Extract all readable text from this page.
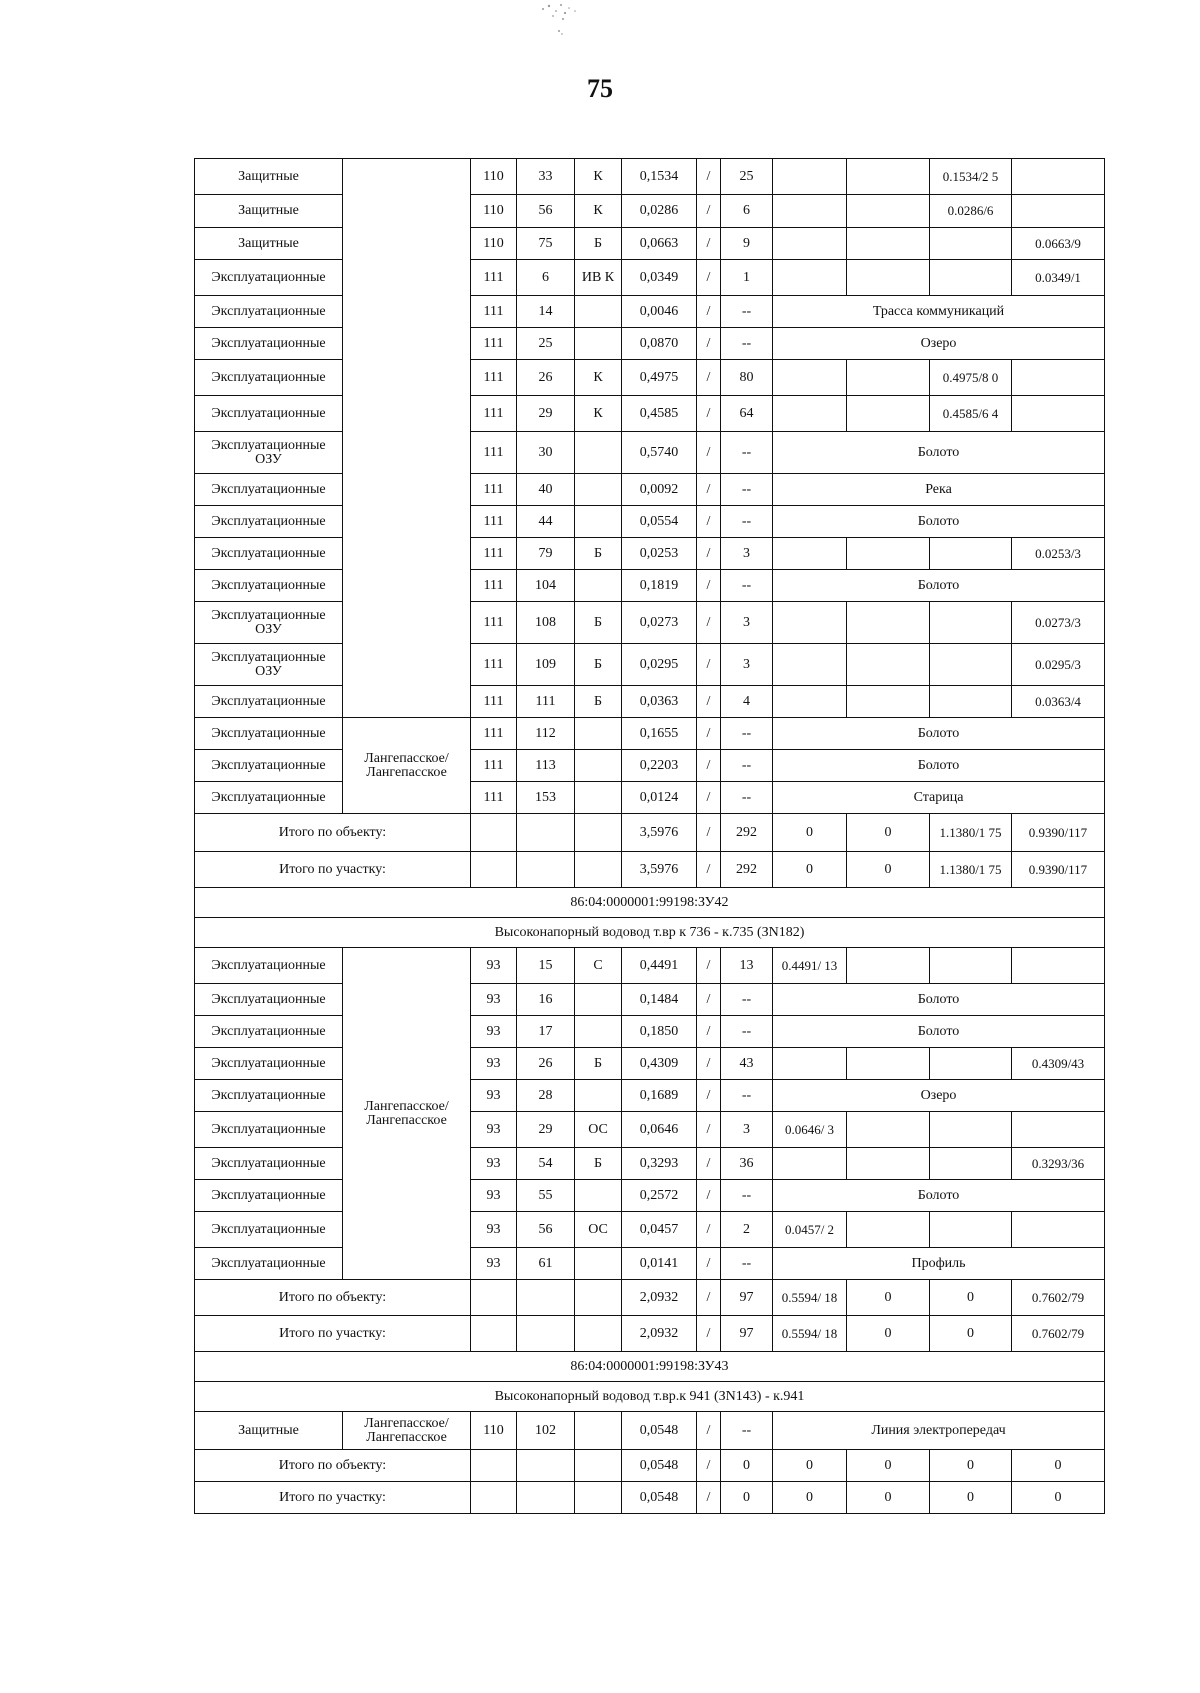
75
Защитные		110	33	К	0,1534	/	25			0.1534/2 5	
Защитные		110	56	К	0,0286	/	6			0.0286/6	
Защитные		110	75	Б	0,0663	/	9				0.0663/9
Эксплуатационные		111	6	ИВ К	0,0349	/	1				0.0349/1
Эксплуатационные		111	14		0,0046	/	--	Трасса коммуникаций			
Эксплуатационные		111	25		0,0870	/	--	Озеро			
Эксплуатационные		111	26	К	0,4975	/	80			0.4975/8 0	
Эксплуатационные		111	29	К	0,4585	/	64			0.4585/6 4	
Эксплуатационные ОЗУ		111	30		0,5740	/	--	Болото			
Эксплуатационные		111	40		0,0092	/	--	Река			
Эксплуатационные		111	44		0,0554	/	--	Болото			
Эксплуатационные		111	79	Б	0,0253	/	3				0.0253/3
Эксплуатационные		111	104		0,1819	/	--	Болото			
Эксплуатационные ОЗУ		111	108	Б	0,0273	/	3				0.0273/3
Эксплуатационные ОЗУ		111	109	Б	0,0295	/	3				0.0295/3
Эксплуатационные		111	111	Б	0,0363	/	4				0.0363/4
Эксплуатационные	Лангепасское/ Лангепасское	111	112		0,1655	/	--	Болото			
Эксплуатационные		111	113		0,2203	/	--	Болото			
Эксплуатационные		111	153		0,0124	/	--	Старица			
Итого по объекту:					3,5976	/	292	0	0	1.1380/1 75	0.9390/117
Итого по участку:					3,5976	/	292	0	0	1.1380/1 75	0.9390/117
86:04:0000001:99198:ЗУ42											
Высоконапорный водовод т.вр к 736 - к.735 (ЗN182)											
Эксплуатационные	Лангепасское/ Лангепасское	93	15	С	0,4491	/	13	0.4491/ 13			
Эксплуатационные		93	16		0,1484	/	--	Болото			
Эксплуатационные		93	17		0,1850	/	--	Болото			
Эксплуатационные		93	26	Б	0,4309	/	43				0.4309/43
Эксплуатационные		93	28		0,1689	/	--	Озеро			
Эксплуатационные		93	29	ОС	0,0646	/	3	0.0646/ 3			
Эксплуатационные		93	54	Б	0,3293	/	36				0.3293/36
Эксплуатационные		93	55		0,2572	/	--	Болото			
Эксплуатационные		93	56	ОС	0,0457	/	2	0.0457/ 2			
Эксплуатационные		93	61		0,0141	/	--	Профиль			
Итого по объекту:					2,0932	/	97	0.5594/ 18	0	0	0.7602/79
Итого по участку:					2,0932	/	97	0.5594/ 18	0	0	0.7602/79
86:04:0000001:99198:ЗУ43											
Высоконапорный водовод т.вр.к 941 (ЗN143) - к.941											
Защитные	Лангепасское/ Лангепасское	110	102		0,0548	/	--	Линия электропередач			
Итого по объекту:					0,0548	/	0	0	0	0	0
Итого по участку:					0,0548	/	0	0	0	0	0
